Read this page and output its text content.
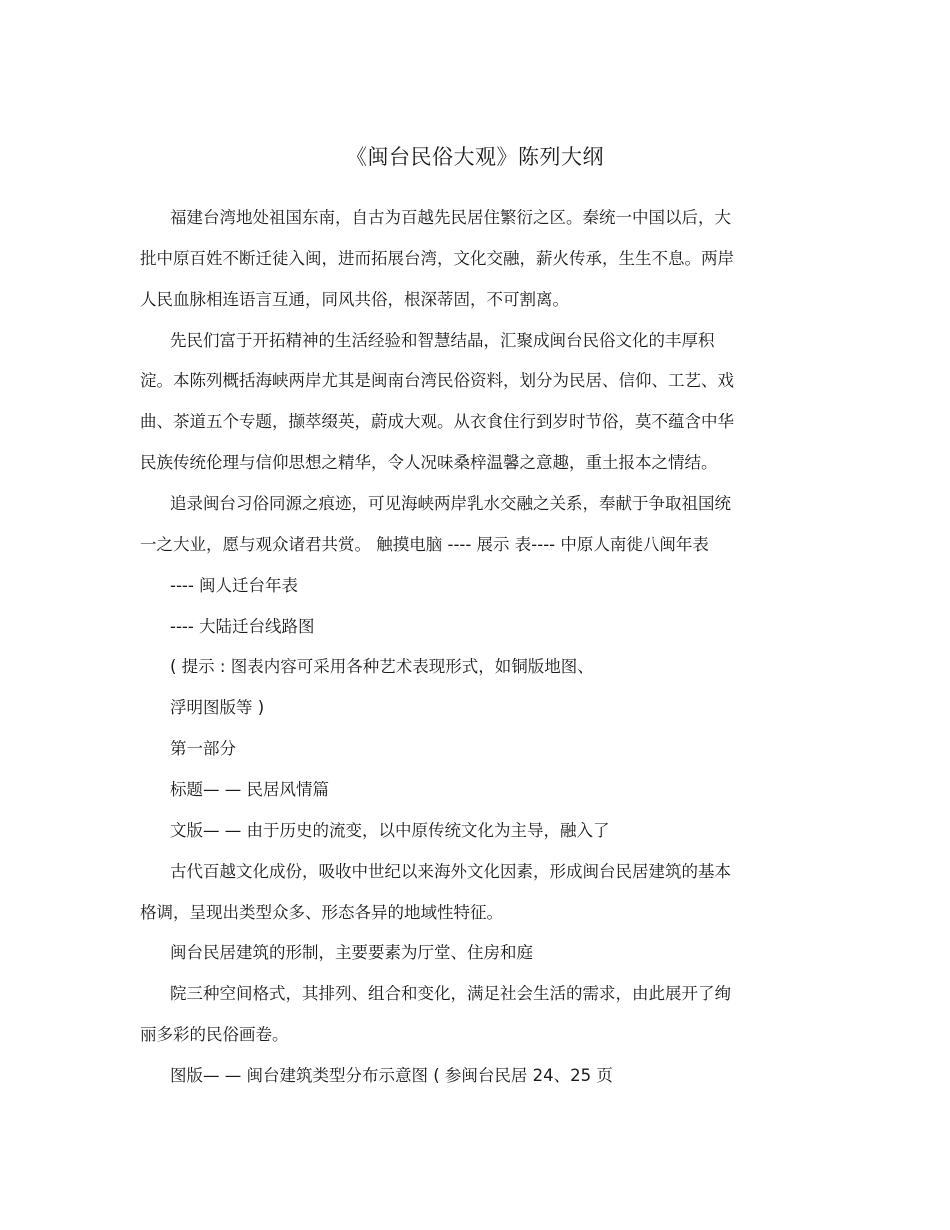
《闽台民俗大观》陈列大纲
福建台湾地处祖国东南，自古为百越先民居住繁衍之区。秦统一中国以后，大
批中原百姓不断迁徒入闽，进而拓展台湾，文化交融，薪火传承，生生不息。两岸
人民血脉相连语言互通，同风共俗，根深蒂固，不可割离。
先民们富于开拓精神的生活经验和智慧结晶，汇聚成闽台民俗文化的丰厚积
淀。本陈列概括海峡两岸尤其是闽南台湾民俗资料，划分为民居、信仰、工艺、戏
曲、茶道五个专题，撷萃缀英，蔚成大观。从衣食住行到岁时节俗，莫不蕴含中华
民族传统伦理与信仰思想之精华，令人况味桑梓温馨之意趣，重土报本之情结。
追录闽台习俗同源之痕迹，可见海峡两岸乳水交融之关系，奉献于争取祖国统
一之大业，愿与观众诸君共赏。 触摸电脑 ---- 展示 表---- 中原人南徙八闽年表
---- 闽人迁台年表
---- 大陆迁台线路图
( 提示 : 图表内容可采用各种艺术表现形式，如铜版地图、
浮明图版等 )
第一部分
标题— — 民居风情篇
文版— — 由于历史的流变，以中原传统文化为主导，融入了
古代百越文化成份，吸收中世纪以来海外文化因素，形成闽台民居建筑的基本
格调，呈现出类型众多、形态各异的地域性特征。
闽台民居建筑的形制，主要要素为厅堂、住房和庭
院三种空间格式，其排列、组合和变化，满足社会生活的需求，由此展开了绚
丽多彩的民俗画卷。
图版— — 闽台建筑类型分布示意图 ( 参闽台民居 24、25 页
